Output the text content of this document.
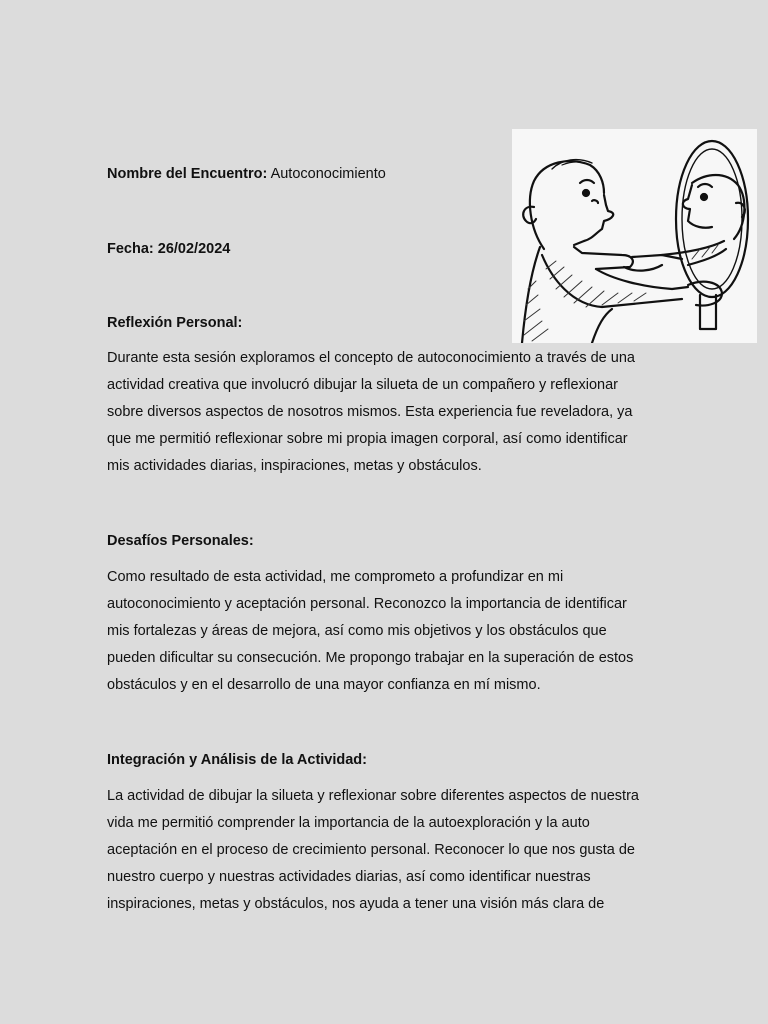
Nombre del Encuentro: Autoconocimiento
Fecha: 26/02/2024
Reflexión Personal:
Durante esta sesión exploramos el concepto de autoconocimiento a través de una
actividad creativa que involucró dibujar la silueta de un compañero y reflexionar
sobre diversos aspectos de nosotros mismos. Esta experiencia fue reveladora, ya
que me permitió reflexionar sobre mi propia imagen corporal, así como identificar
mis actividades diarias, inspiraciones, metas y obstáculos.
Desafíos Personales:
Como resultado de esta actividad, me comprometo a profundizar en mi
autoconocimiento y aceptación personal. Reconozco la importancia de identificar
mis fortalezas y áreas de mejora, así como mis objetivos y los obstáculos que
pueden dificultar su consecución. Me propongo trabajar en la superación de estos
obstáculos y en el desarrollo de una mayor confianza en mí mismo.
Integración y Análisis de la Actividad:
La actividad de dibujar la silueta y reflexionar sobre diferentes aspectos de nuestra
vida me permitió comprender la importancia de la autoexploración y la auto
aceptación en el proceso de crecimiento personal. Reconocer lo que nos gusta de
nuestro cuerpo y nuestras actividades diarias, así como identificar nuestras
inspiraciones, metas y obstáculos, nos ayuda a tener una visión más clara de
